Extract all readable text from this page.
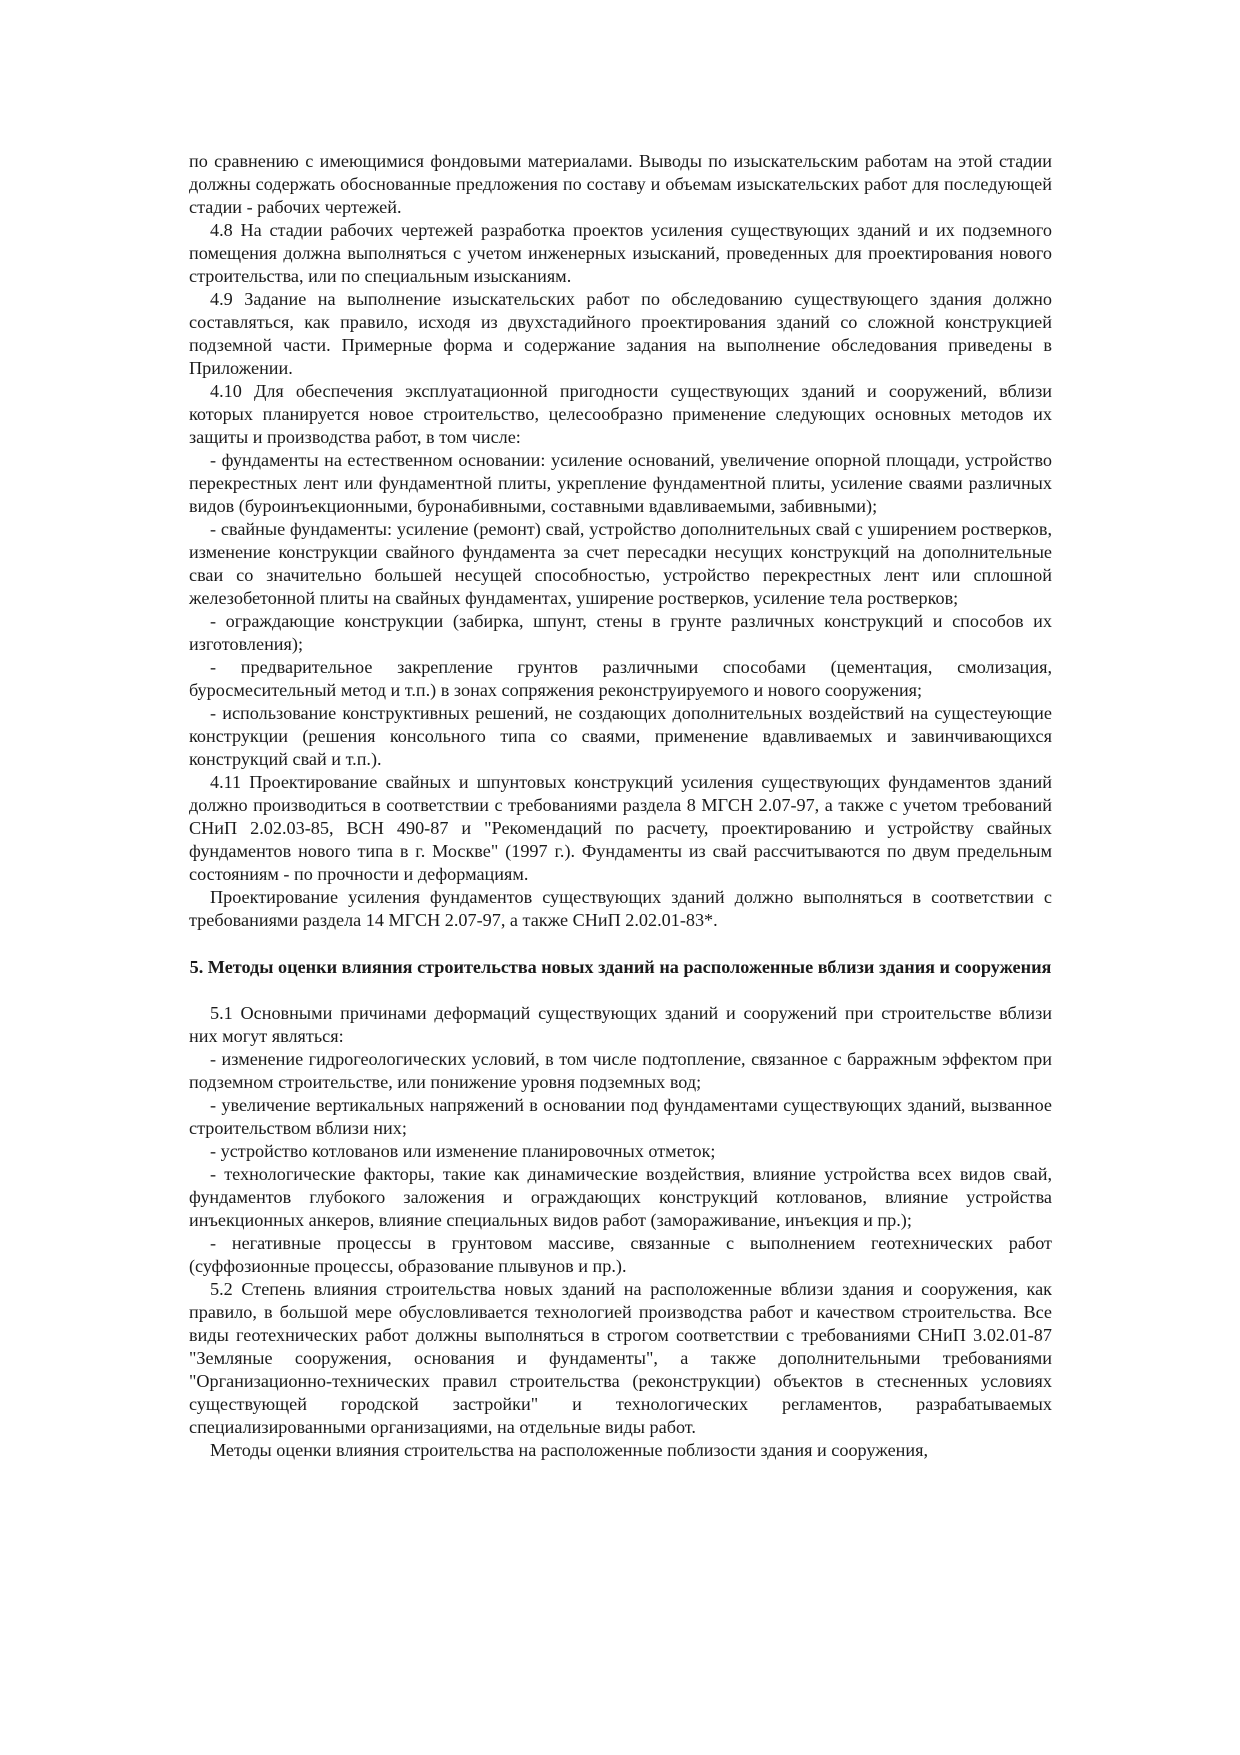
по сравнению с имеющимися фондовыми материалами. Выводы по изыскательским работам на этой стадии должны содержать обоснованные предложения по составу и объемам изыскательских работ для последующей стадии - рабочих чертежей.

4.8 На стадии рабочих чертежей разработка проектов усиления существующих зданий и их подземного помещения должна выполняться с учетом инженерных изысканий, проведенных для проектирования нового строительства, или по специальным изысканиям.

4.9 Задание на выполнение изыскательских работ по обследованию существующего здания должно составляться, как правило, исходя из двухстадийного проектирования зданий со сложной конструкцией подземной части. Примерные форма и содержание задания на выполнение обследования приведены в Приложении.

4.10 Для обеспечения эксплуатационной пригодности существующих зданий и сооружений, вблизи которых планируется новое строительство, целесообразно применение следующих основных методов их защиты и производства работ, в том числе:

- фундаменты на естественном основании: усиление оснований, увеличение опорной площади, устройство перекрестных лент или фундаментной плиты, укрепление фундаментной плиты, усиление сваями различных видов (буроинъекционными, буронабивными, составными вдавливаемыми, забивными);

- свайные фундаменты: усиление (ремонт) свай, устройство дополнительных свай с уширением ростверков, изменение конструкции свайного фундамента за счет пересадки несущих конструкций на дополнительные сваи со значительно большей несущей способностью, устройство перекрестных лент или сплошной железобетонной плиты на свайных фундаментах, уширение ростверков, усиление тела ростверков;

- ограждающие конструкции (забирка, шпунт, стены в грунте различных конструкций и способов их изготовления);

- предварительное закрепление грунтов различными способами (цементация, смолизация, буросмесительный метод и т.п.) в зонах сопряжения реконструируемого и нового сооружения;

- использование конструктивных решений, не создающих дополнительных воздействий на сущестеующие конструкции (решения консольного типа со сваями, применение вдавливаемых и завинчивающихся конструкций свай и т.п.).

4.11 Проектирование свайных и шпунтовых конструкций усиления существующих фундаментов зданий должно производиться в соответствии с требованиями раздела 8 МГСН 2.07-97, а также с учетом требований СНиП 2.02.03-85, ВСН 490-87 и "Рекомендаций по расчету, проектированию и устройству свайных фундаментов нового типа в г. Москве" (1997 г.). Фундаменты из свай рассчитываются по двум предельным состояниям - по прочности и деформациям.

Проектирование усиления фундаментов существующих зданий должно выполняться в соответствии с требованиями раздела 14 МГСН 2.07-97, а также СНиП 2.02.01-83*.

5. Методы оценки влияния строительства новых зданий на расположенные вблизи здания и сооружения

5.1 Основными причинами деформаций существующих зданий и сооружений при строительстве вблизи них могут являться:

- изменение гидрогеологических условий, в том числе подтопление, связанное с барражным эффектом при подземном строительстве, или понижение уровня подземных вод;

- увеличение вертикальных напряжений в основании под фундаментами существующих зданий, вызванное строительством вблизи них;

- устройство котлованов или изменение планировочных отметок;

- технологические факторы, такие как динамические воздействия, влияние устройства всех видов свай, фундаментов глубокого заложения и ограждающих конструкций котлованов, влияние устройства инъекционных анкеров, влияние специальных видов работ (замораживание, инъекция и пр.);

- негативные процессы в грунтовом массиве, связанные с выполнением геотехнических работ (суффозионные процессы, образование плывунов и пр.).

5.2 Степень влияния строительства новых зданий на расположенные вблизи здания и сооружения, как правило, в большой мере обусловливается технологией производства работ и качеством строительства. Все виды геотехнических работ должны выполняться в строгом соответствии с требованиями СНиП 3.02.01-87 "Земляные сооружения, основания и фундаменты", а также дополнительными требованиями "Организационно-технических правил строительства (реконструкции) объектов в стесненных условиях существующей городской застройки" и технологических регламентов, разрабатываемых специализированными организациями, на отдельные виды работ.

Методы оценки влияния строительства на расположенные поблизости здания и сооружения,
